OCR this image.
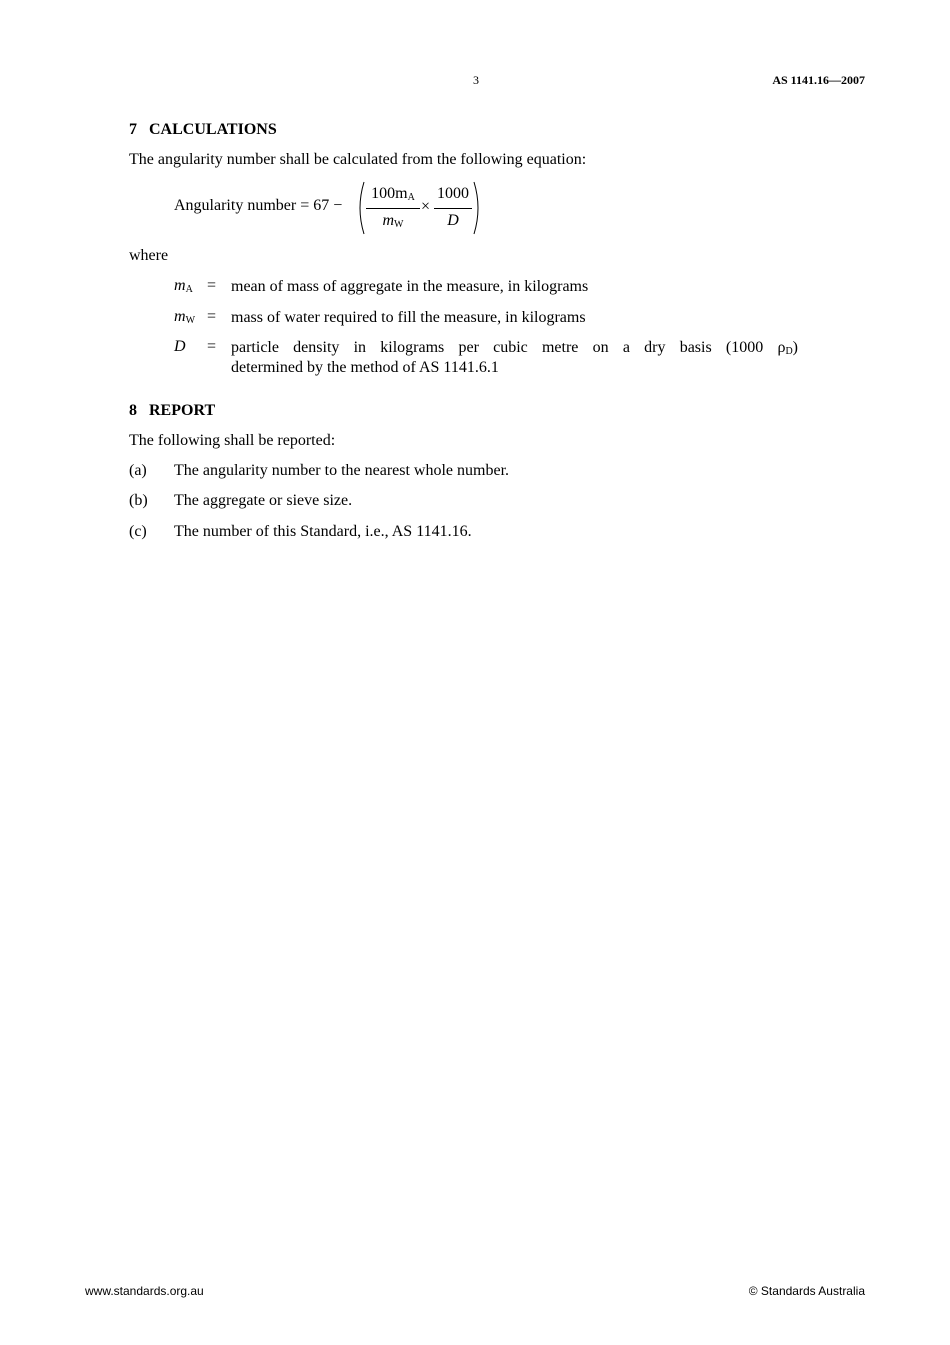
3	AS 1141.16—2007
7   CALCULATIONS
The angularity number shall be calculated from the following equation:
Angularity number = 67 −
$100m_A$
$m_W$
×
1000
D
where
$m_A$ = mean of mass of aggregate in the measure, in kilograms
$m_W$ = mass of water required to fill the measure, in kilograms
D = particle density in kilograms per cubic metre on a dry basis (1000 $\rho_D$)
determined by the method of AS 1141.6.1
8   REPORT
The following shall be reported:
(a) The angularity number to the nearest whole number.
(b) The aggregate or sieve size.
(c) The number of this Standard, i.e., AS 1141.16.
www.standards.org.au	© Standards Australia
